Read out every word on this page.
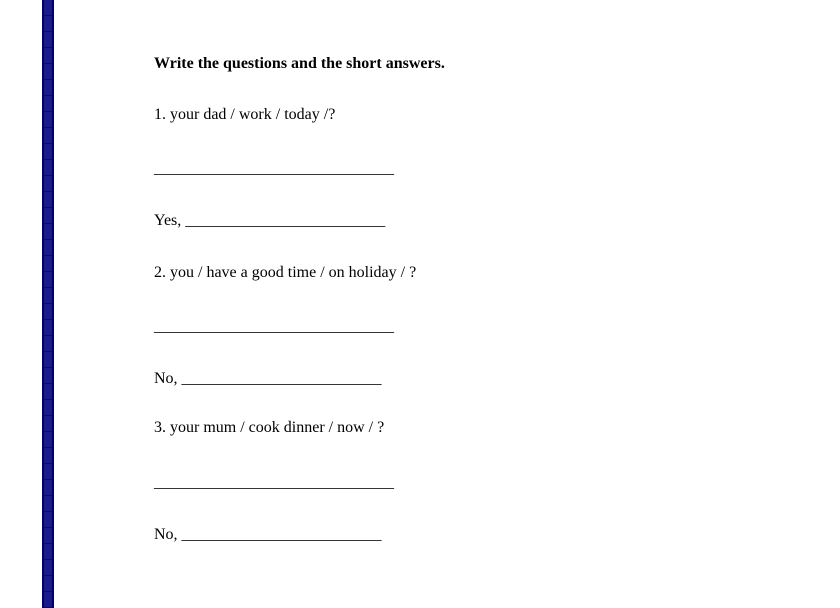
Write the questions and the short answers.
1. your dad / work / today /?
______________________________
Yes, _________________________
2. you / have a good time / on holiday / ?
______________________________
No, _________________________
3. your mum / cook dinner / now / ?
______________________________
No, _________________________
